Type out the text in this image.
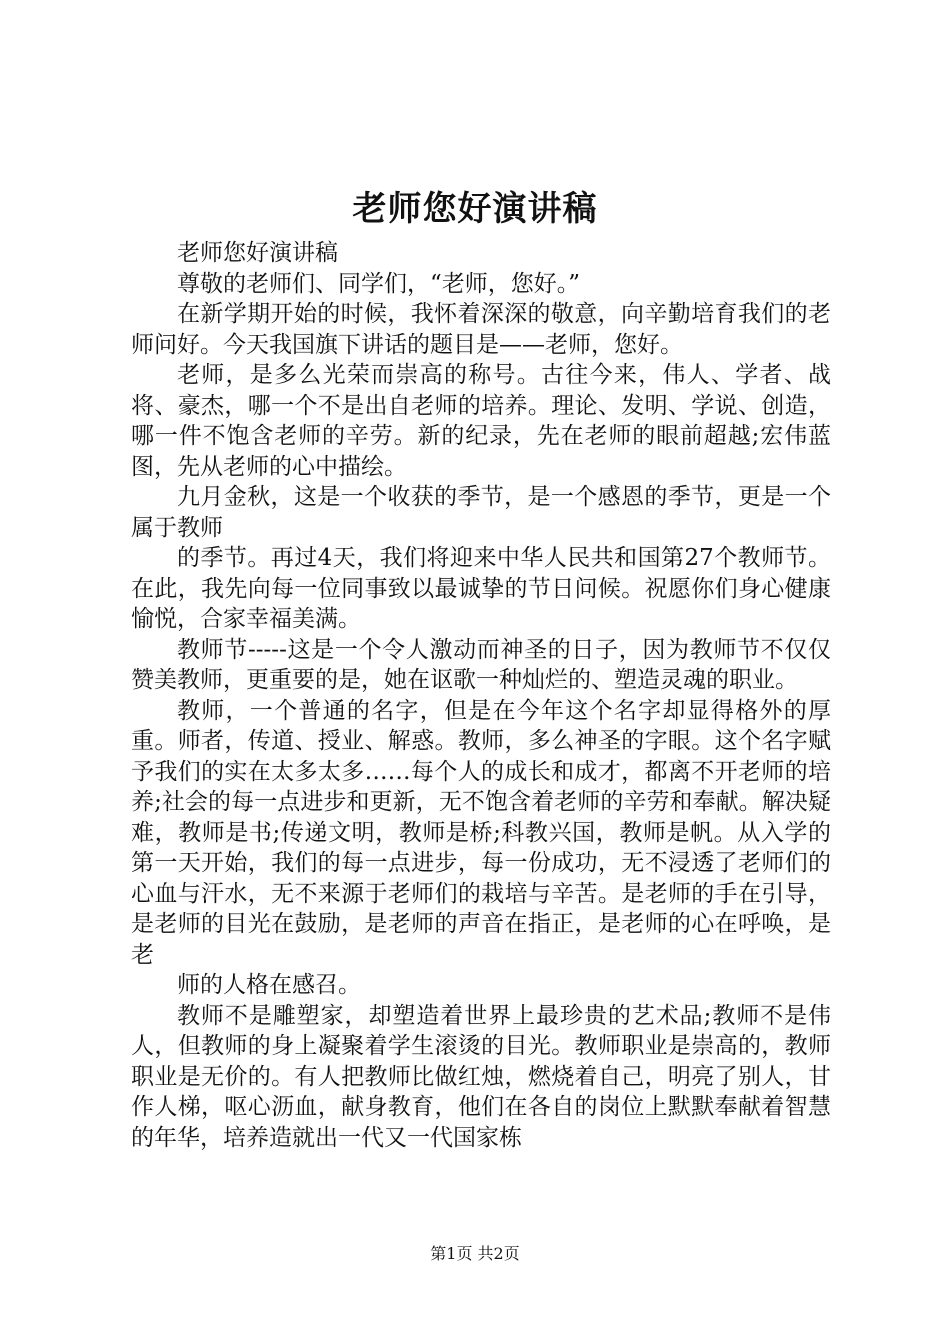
老师您好演讲稿

老师您好演讲稿

尊敬的老师们、同学们，“老师，您好。”

在新学期开始的时候，我怀着深深的敬意，向辛勤培育我们的老师问好。今天我国旗下讲话的题目是——老师，您好。

老师，是多么光荣而崇高的称号。古往今来，伟人、学者、战将、豪杰，哪一个不是出自老师的培养。理论、发明、学说、创造，哪一件不饱含老师的辛劳。新的纪录，先在老师的眼前超越;宏伟蓝图，先从老师的心中描绘。

九月金秋，这是一个收获的季节，是一个感恩的季节，更是一个属于教师

的季节。再过4天，我们将迎来中华人民共和国第27个教师节。在此，我先向每一位同事致以最诚挚的节日问候。祝愿你们身心健康愉悦，合家幸福美满。

教师节-----这是一个令人激动而神圣的日子，因为教师节不仅仅赞美教师，更重要的是，她在讴歌一种灿烂的、塑造灵魂的职业。

教师，一个普通的名字，但是在今年这个名字却显得格外的厚重。师者，传道、授业、解惑。教师，多么神圣的字眼。这个名字赋予我们的实在太多太多……每个人的成长和成才，都离不开老师的培养;社会的每一点进步和更新，无不饱含着老师的辛劳和奉献。解决疑难，教师是书;传递文明，教师是桥;科教兴国，教师是帆。从入学的第一天开始，我们的每一点进步，每一份成功，无不浸透了老师们的心血与汗水，无不来源于老师们的栽培与辛苦。是老师的手在引导，是老师的目光在鼓励，是老师的声音在指正，是老师的心在呼唤，是老

师的人格在感召。

教师不是雕塑家，却塑造着世界上最珍贵的艺术品;教师不是伟人，但教师的身上凝聚着学生滚烫的目光。教师职业是崇高的，教师职业是无价的。有人把教师比做红烛，燃烧着自己，明亮了别人，甘作人梯，呕心沥血，献身教育，他们在各自的岗位上默默奉献着智慧的年华，培养造就出一代又一代国家栋

第1页 共2页
